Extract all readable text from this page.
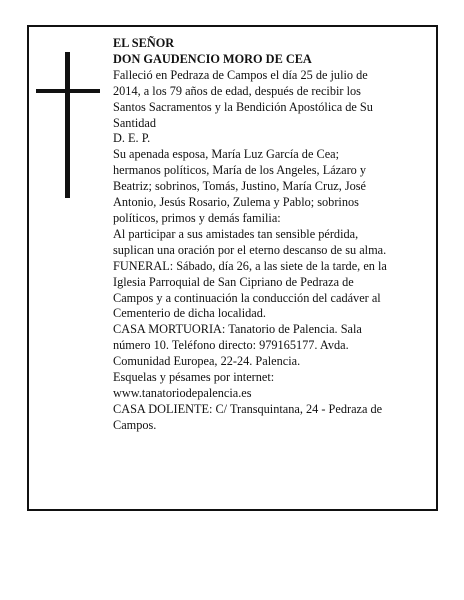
EL SEÑOR

DON GAUDENCIO MORO DE CEA

Falleció en Pedraza de Campos el día 25 de julio de
2014, a los 79 años de edad, después de recibir los
Santos Sacramentos y la Bendición Apostólica de Su
Santidad

D. E. P.

Su apenada esposa, María Luz García de Cea;
hermanos políticos, María de los Angeles, Lázaro y
Beatriz; sobrinos, Tomás, Justino, María Cruz, José
Antonio, Jesús Rosario, Zulema y Pablo; sobrinos
políticos, primos y demás familia:

Al participar a sus amistades tan sensible pérdida,
suplican una oración por el eterno descanso de su alma.

FUNERAL: Sábado, día 26, a las siete de la tarde, en la
Iglesia Parroquial de San Cipriano de Pedraza de
Campos y a continuación la conducción del cadáver al
Cementerio de dicha localidad.

CASA MORTUORIA: Tanatorio de Palencia. Sala
número 10. Teléfono directo: 979165177. Avda.
Comunidad Europea, 22-24. Palencia.

Esquelas y pésames por internet:
www.tanatoriodepalencia.es

CASA DOLIENTE: C/ Transquintana, 24 - Pedraza de
Campos.
